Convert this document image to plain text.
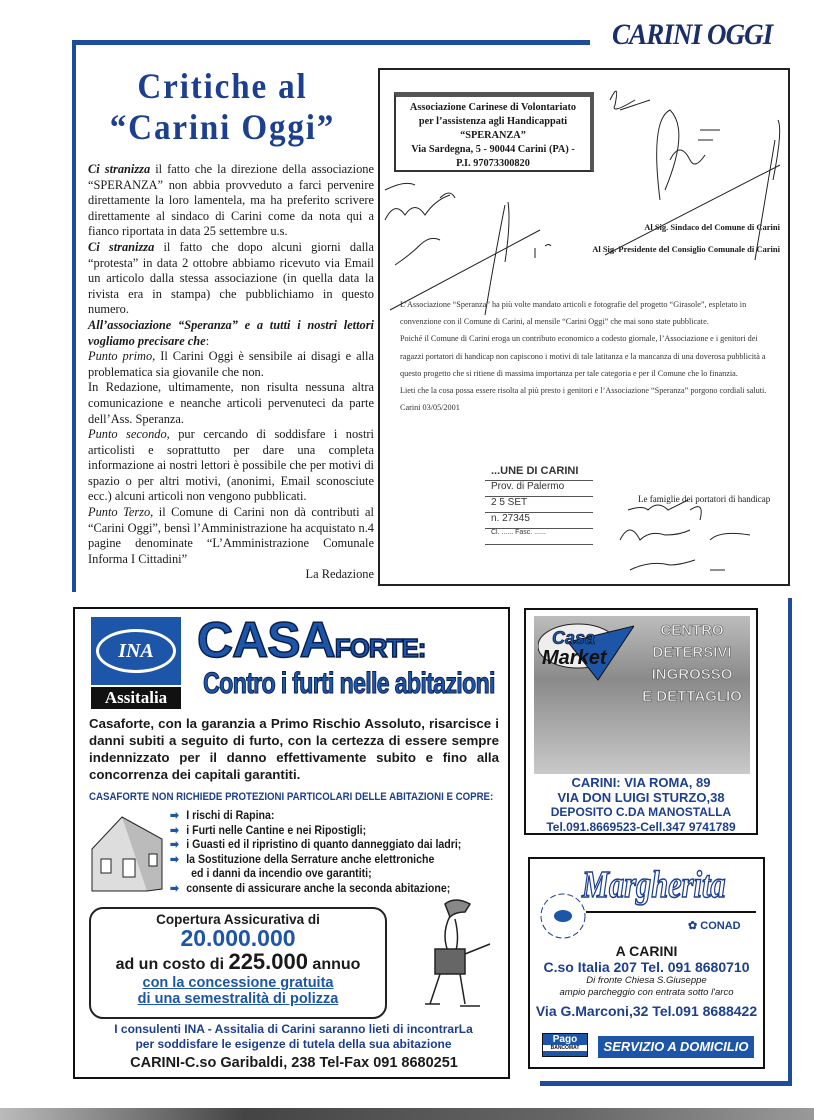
CARINI OGGI
Critiche al
“Carini Oggi”

Ci stranizza il fatto che la direzione della associazione “SPERANZA” non abbia provveduto a farci pervenire direttamente la loro lamentela, ma ha preferito scrivere direttamente al sindaco di Carini come da nota qui a fianco riportata in data 25 settembre u.s.

Ci stranizza il fatto che dopo alcuni giorni dalla “protesta” in data 2 ottobre abbiamo ricevuto via Email un articolo dalla stessa associazione (in quella data la rivista era in stampa) che pubblichiamo in questo numero.

All’associazione “Speranza” e a tutti i nostri lettori vogliamo precisare che:

Punto primo, Il Carini Oggi è sensibile ai disagi e alla problematica sia giovanile che non.

In Redazione, ultimamente, non risulta nessuna altra comunicazione e neanche articoli pervenuteci da parte dell’Ass. Speranza.

Punto secondo, pur cercando di soddisfare i nostri articolisti e soprattutto per dare una completa informazione ai nostri lettori è possibile che per motivi di spazio o per altri motivi, (anonimi, Email sconosciute ecc.) alcuni articoli non vengono pubblicati.

Punto Terzo, il Comune di Carini non dà contributi al “Carini Oggi”, bensì l’Amministrazione ha acquistato n.4 pagine denominate “L’Amministrazione Comunale Informa I Cittadini”

La Redazione

Associazione Carinese di Volontariato
per l’assistenza agli Handicappati
“SPERANZA”
Via Sardegna, 5 - 90044 Carini (PA) -
P.I. 97073300820
Al Sig. Sindaco del Comune di Carini
Al Sig. Presidente del Consiglio Comunale di Carini

L’Associazione “Speranza” ha più volte mandato articoli e fotografie del progetto “Girasole”, espletato in convenzione con il Comune di Carini, al mensile “Carini Oggi” che mai sono state pubblicate.

Poiché il Comune di Carini eroga un contributo economico a codesto giornale, l’Associazione e i genitori dei ragazzi portatori di handicap non capiscono i motivi di tale latitanza e la mancanza di una doverosa pubblicità a questo progetto che si ritiene di massima importanza per tale categoria e per il Comune che lo finanzia.

Lieti che la cosa possa essere risolta al più presto i genitori e l’Associazione “Speranza” porgono cordiali saluti.

Carini 03/05/2001

...UNE DI CARINI
Prov. di Palermo
2 5 SET
n. 27345
Cl. ...... Fasc. ......
Le famiglie dei portatori di handicap
INA
Assitalia
CASAFORTE:
Contro i furti nelle abitazioni
Casaforte, con la garanzia a Primo Rischio Assoluto, risarcisce i danni subiti a seguito di furto, con la certezza di essere sempre indennizzato per il danno effettivamente subito e fino alla concorrenza dei capitali garantiti.
CASAFORTE NON RICHIEDE PROTEZIONI PARTICOLARI DELLE ABITAZIONI E COPRE:
➡ I rischi di Rapina:
➡ i Furti nelle Cantine e nei Ripostigli;
➡ i Guasti ed il ripristino di quanto danneggiato dai ladri;
➡ la Sostituzione della Serrature anche elettroniche
ed i danni da incendio ove garantiti;
➡ consente di assicurare anche la seconda abitazione;
Copertura Assicurativa di
20.000.000
ad un costo di 225.000 annuo
con la concessione gratuita
di una semestralità di polizza
I consulenti INA - Assitalia di Carini saranno lieti di incontrarLa
per soddisfare le esigenze di tutela della sua abitazione
CARINI-C.so Garibaldi, 238 Tel-Fax 091 8680251
Casa
Market
CENTRO
DETERSIVI
INGROSSO
E DETTAGLIO
CARINI: VIA ROMA, 89
VIA DON LUIGI STURZO,38
DEPOSITO C.DA MANOSTALLA
Tel.091.8669523-Cell.347 9741789
Margherita
✿ CONAD
A CARINI
C.so Italia 207 Tel. 091 8680710
Di fronte Chiesa S.Giuseppe
ampio parcheggio con entrata sotto l'arco
Via G.Marconi,32 Tel.091 8688422
Pago
BANCOMAT	SERVIZIO A DOMICILIO
